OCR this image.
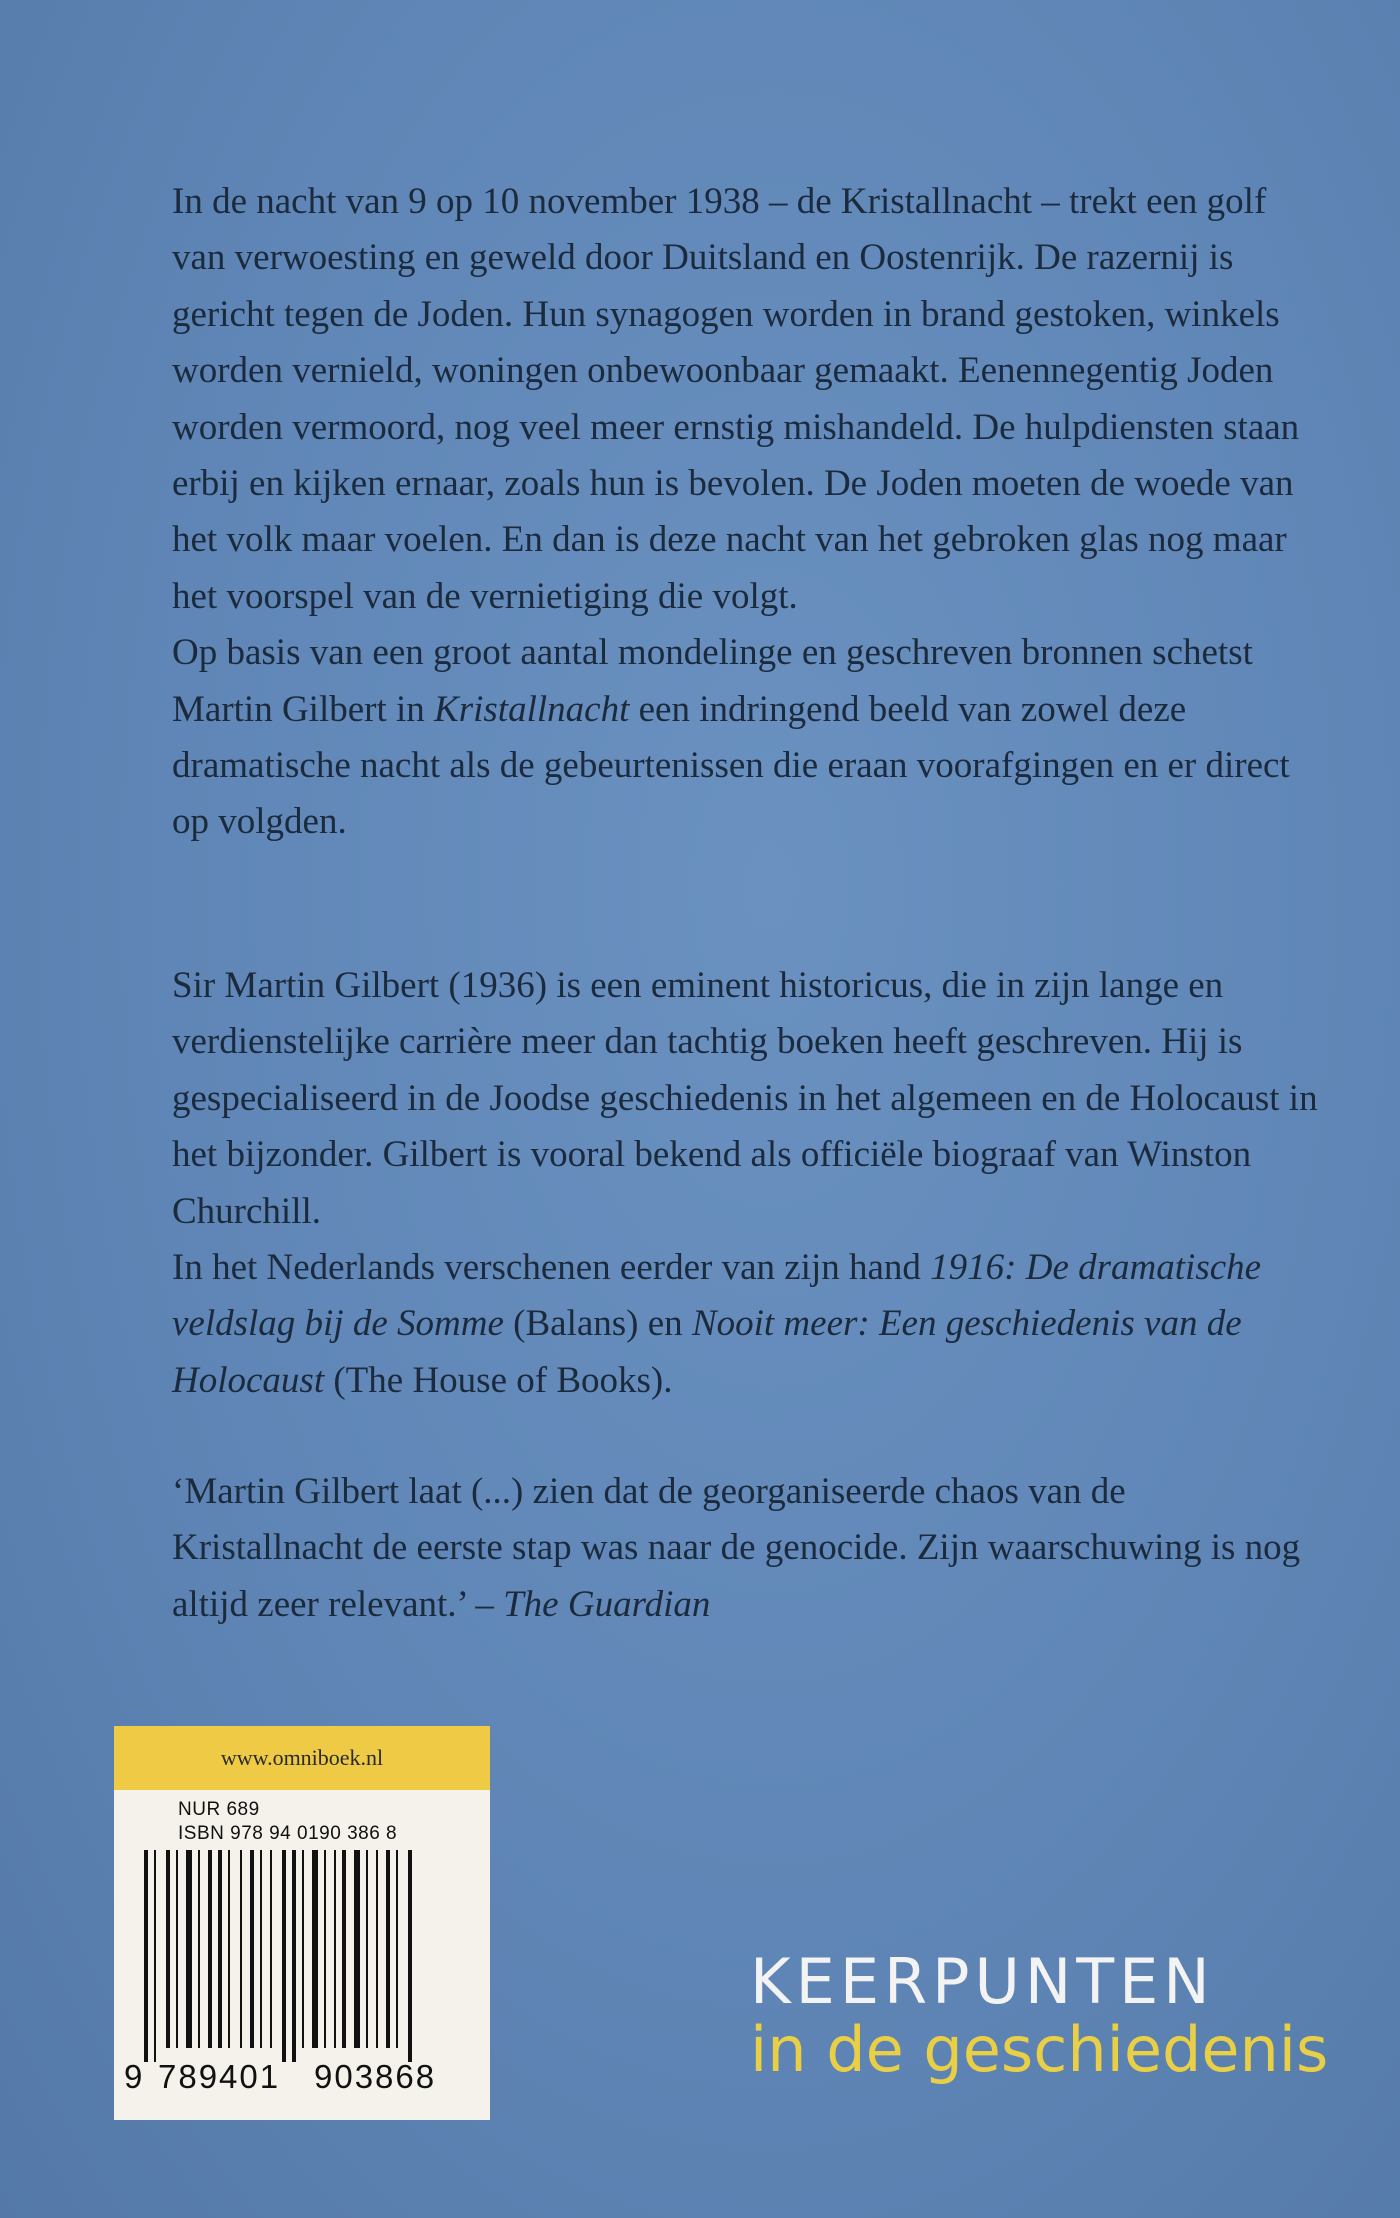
In de nacht van 9 op 10 november 1938 – de Kristallnacht – trekt een golf van verwoesting en geweld door Duitsland en Oostenrijk. De razernij is gericht tegen de Joden. Hun synagogen worden in brand gestoken, winkels worden vernield, woningen onbewoonbaar gemaakt. Eenennegentig Joden worden vermoord, nog veel meer ernstig mishandeld. De hulpdiensten staan erbij en kijken ernaar, zoals hun is bevolen. De Joden moeten de woede van het volk maar voelen. En dan is deze nacht van het gebroken glas nog maar het voorspel van de vernietiging die volgt.
Op basis van een groot aantal mondelinge en geschreven bronnen schetst Martin Gilbert in Kristallnacht een indringend beeld van zowel deze dramatische nacht als de gebeurtenissen die eraan voorafgingen en er direct op volgden.

Sir Martin Gilbert (1936) is een eminent historicus, die in zijn lange en verdienstelijke carrière meer dan tachtig boeken heeft geschreven. Hij is gespecialiseerd in de Joodse geschiedenis in het algemeen en de Holocaust in het bijzonder. Gilbert is vooral bekend als officiële biograaf van Winston Churchill.
In het Nederlands verschenen eerder van zijn hand 1916: De dramatische veldslag bij de Somme (Balans) en Nooit meer: Een geschiedenis van de Holocaust (The House of Books).

‘Martin Gilbert laat (...) zien dat de georganiseerde chaos van de Kristallnacht de eerste stap was naar de genocide. Zijn waarschuwing is nog altijd zeer relevant.’ – The Guardian

www.omniboek.nl
NUR 689
ISBN 978 94 0190 386 8
9 789401 903868
KEERPUNTEN
in de geschiedenis
